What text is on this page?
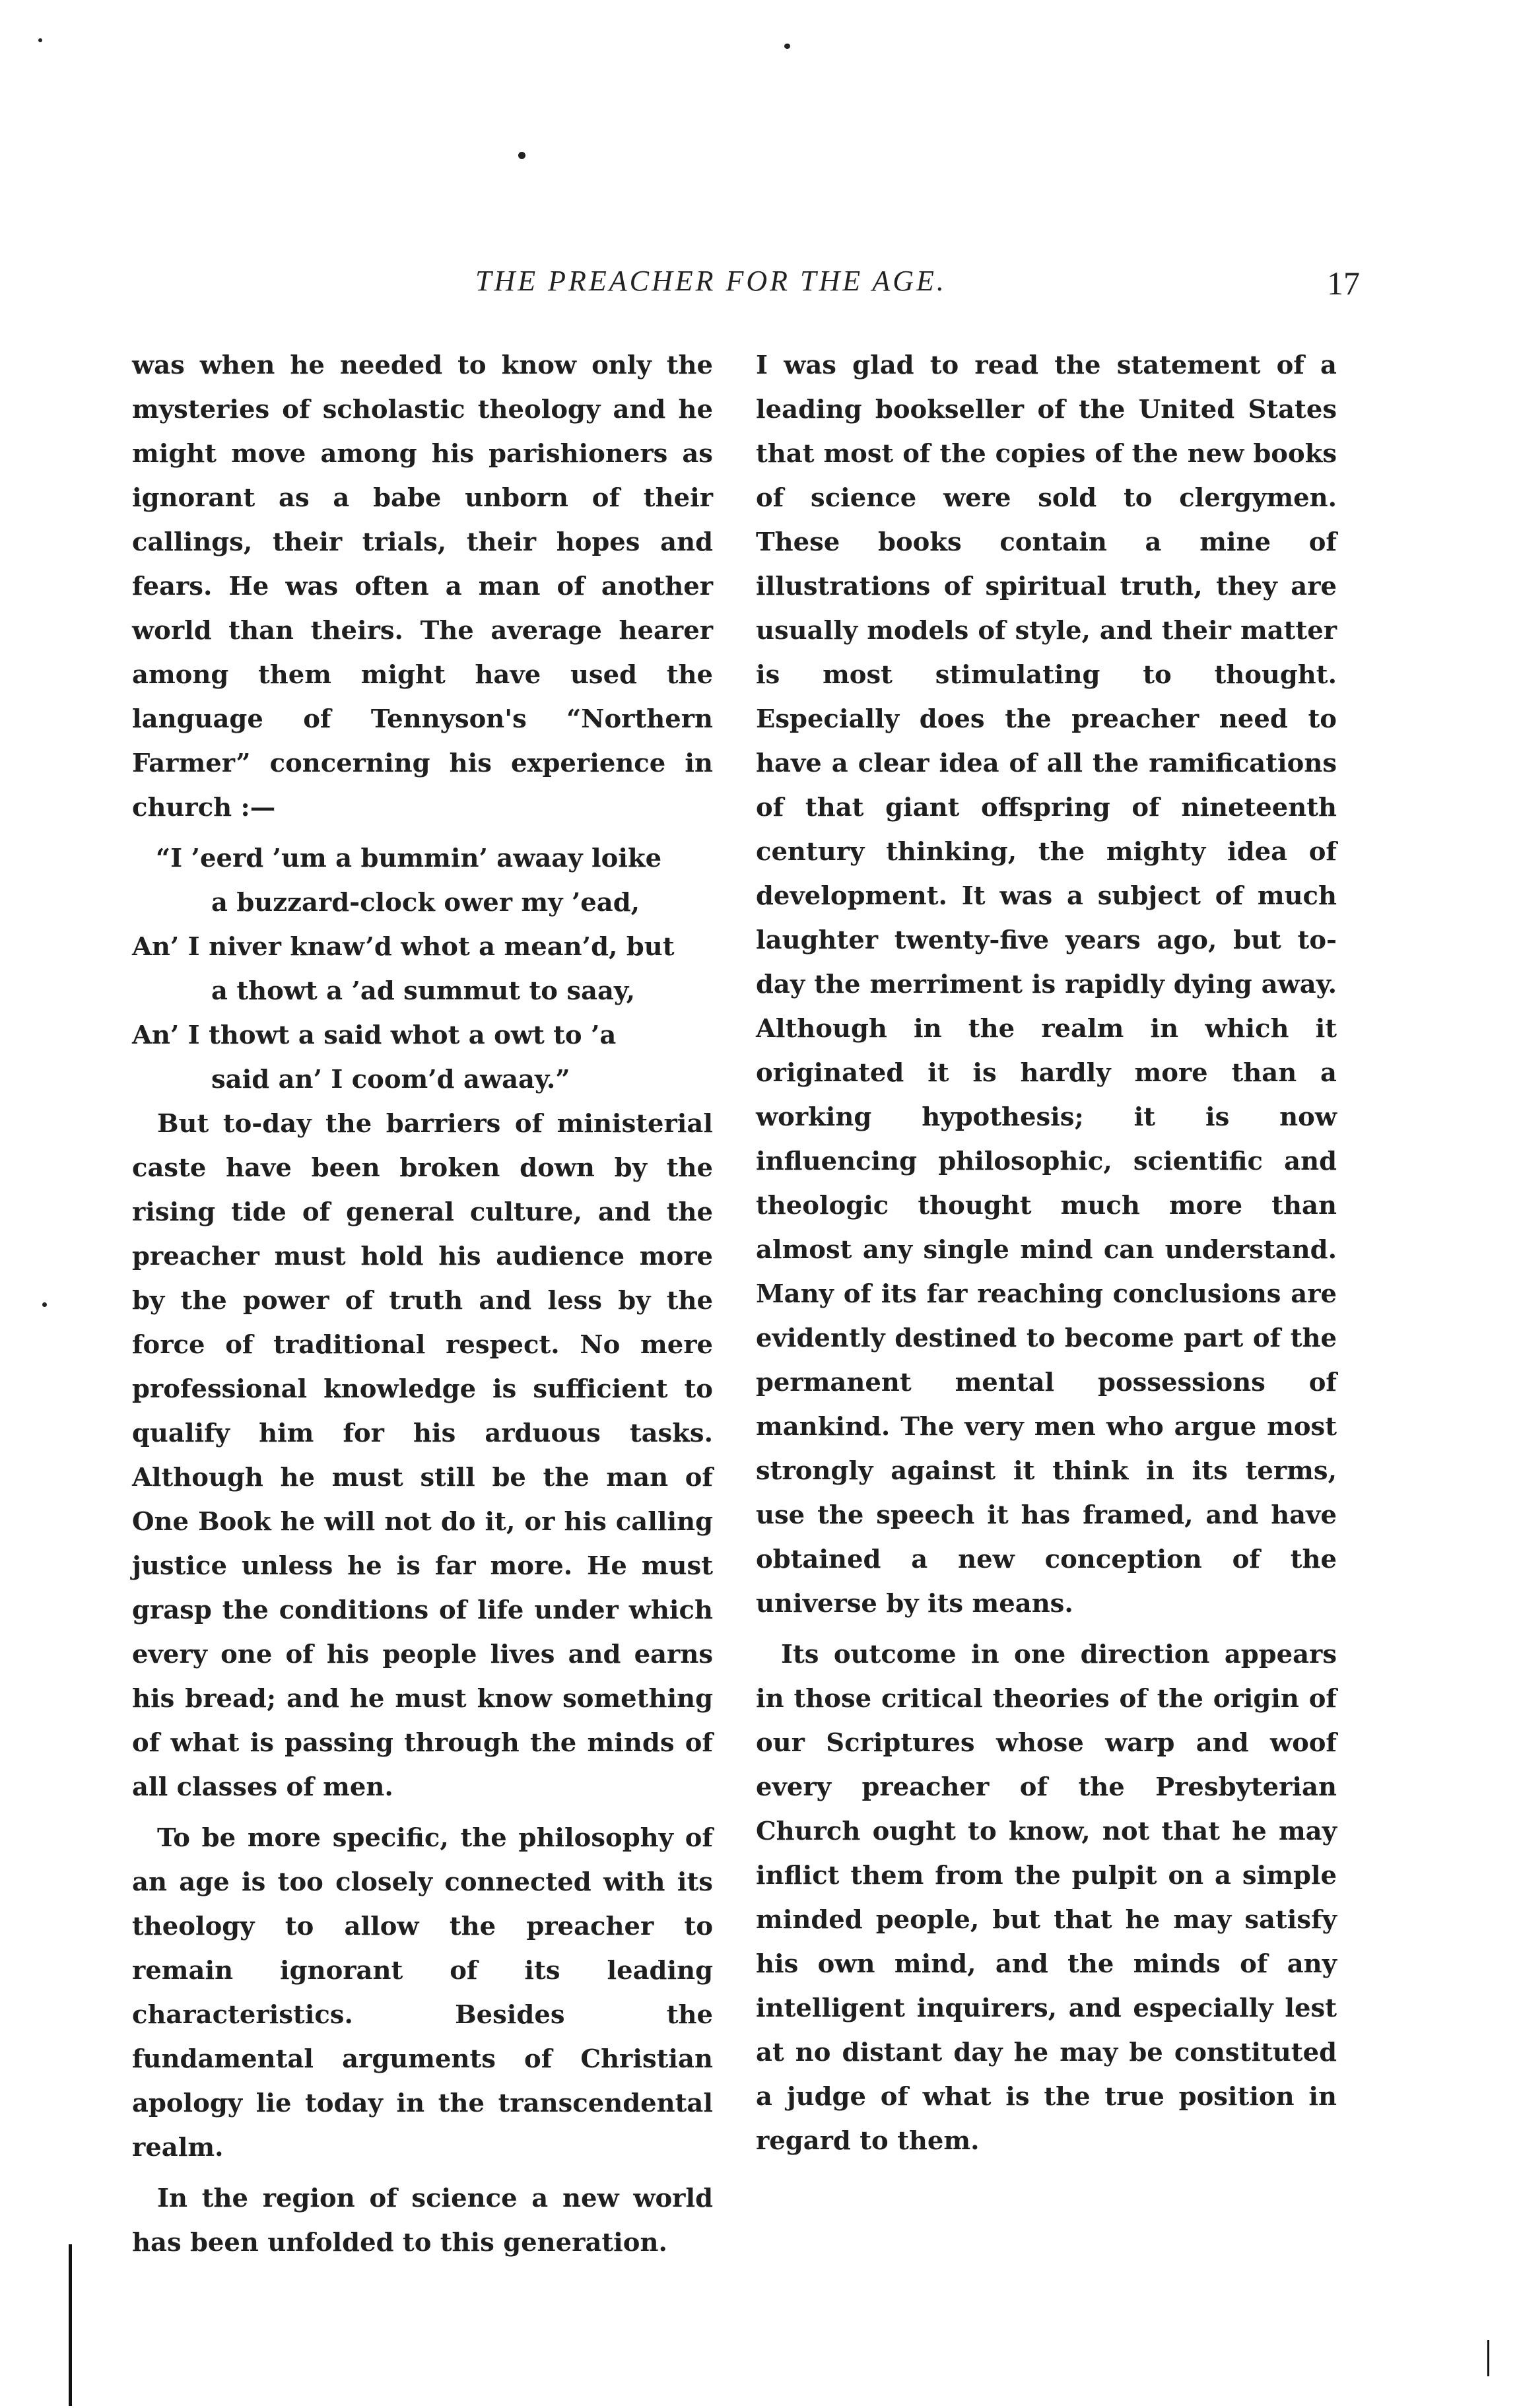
THE PREACHER FOR THE AGE.	17

was when he needed to know only the mysteries of scholastic theology and he might move among his parishioners as ignorant as a babe unborn of their callings, their trials, their hopes and fears. He was often a man of another world than theirs. The average hearer among them might have used the language of Tennyson's “Northern Farmer” concerning his experience in church :—

“I ’eerd ’um a bummin’ awaay loike
a buzzard-clock ower my ’ead,
An’ I niver knaw’d whot a mean’d, but
a thowt a ’ad summut to saay,
An’ I thowt a said whot a owt to ’a
said an’ I coom’d awaay.”

But to-day the barriers of ministerial caste have been broken down by the rising tide of general culture, and the preacher must hold his audience more by the power of truth and less by the force of traditional respect. No mere professional knowledge is sufficient to qualify him for his arduous tasks. Although he must still be the man of One Book he will not do it, or his calling justice unless he is far more. He must grasp the conditions of life under which every one of his people lives and earns his bread; and he must know something of what is passing through the minds of all classes of men.

To be more specific, the philosophy of an age is too closely connected with its theology to allow the preacher to remain ignorant of its leading characteristics. Besides the fundamental arguments of Christian apology lie today in the transcendental realm.

In the region of science a new world has been unfolded to this generation.

I was glad to read the statement of a leading bookseller of the United States that most of the copies of the new books of science were sold to clergymen. These books contain a mine of illustrations of spiritual truth, they are usually models of style, and their matter is most stimulating to thought. Especially does the preacher need to have a clear idea of all the ramifications of that giant offspring of nineteenth century thinking, the mighty idea of development. It was a subject of much laughter twenty-five years ago, but to-day the merriment is rapidly dying away. Although in the realm in which it originated it is hardly more than a working hypothesis; it is now influencing philosophic, scientific and theologic thought much more than almost any single mind can understand. Many of its far reaching conclusions are evidently destined to become part of the permanent mental possessions of mankind. The very men who argue most strongly against it think in its terms, use the speech it has framed, and have obtained a new conception of the universe by its means.

Its outcome in one direction appears in those critical theories of the origin of our Scriptures whose warp and woof every preacher of the Presbyterian Church ought to know, not that he may inflict them from the pulpit on a simple minded people, but that he may satisfy his own mind, and the minds of any intelligent inquirers, and especially lest at no distant day he may be constituted a judge of what is the true position in regard to them.
